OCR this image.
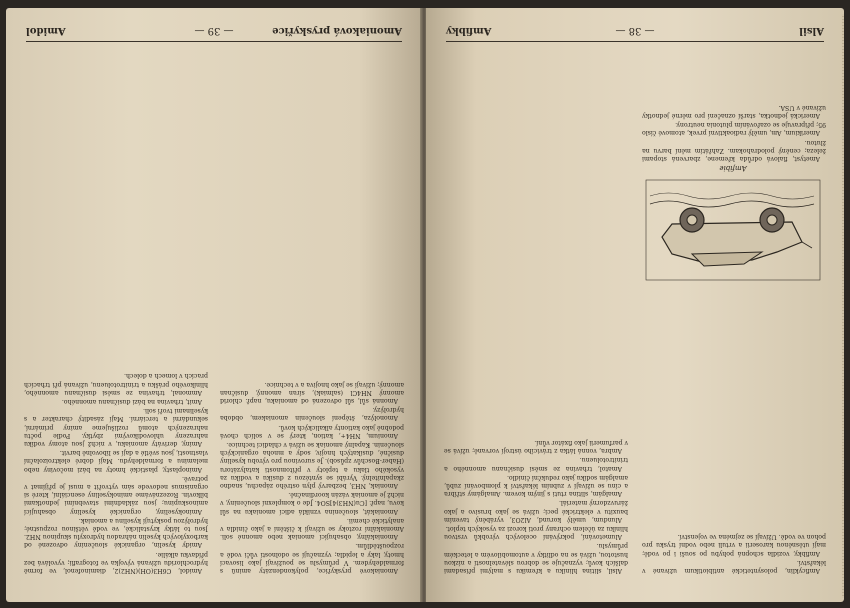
Amoniaková pryskyřice
— 39 —
Amidol

Amoniakové pryskyřice, polykondenzáty aminů s formaldehydem. V průmyslu se používají jako lisovací hmoty, laky a lepidla; vyznačují se odolností vůči vodě a rozpouštědlům.

Amoniakálny, obsahující amoniak nebo amonné soli. Amoniakální roztoky se užívají k čištění a jako činidla v analytické chemii.

Amoniakát, sloučenina vzniklá adicí amoniaku na sůl kovu, např. [Cu(NH3)4]SO4. Jde o komplexní sloučeniny, v nichž je amoniak vázán koordinačně.

Amoniak, NH3, bezbarvý plyn ostrého zápachu, snadno zkapalnitelný. Vyrábí se syntézou z dusíku a vodíku za vysokého tlaku a teploty v přítomnosti katalyzátoru (Haber-Boschův způsob). Je surovinou pro výrobu kyseliny dusičné, dusíkatých hnojiv, sody a mnoha organických sloučenin. Kapalný amoniak se užívá v chladicí technice.

Amonium, NH4+, kation, který se v solích chová podobně jako kationty alkalických kovů.

Amonolýza, štěpení sloučenin amoniakem, obdoba hydrolýzy.

Amonná sůl, sůl odvozená od amoniaku, např. chlorid amonný NH4Cl (salmiak), síran amonný, dusičnan amonný; užívají se jako hnojiva a v technice.

Amidol, C6H3(OH)(NH2)2, diaminofenol, ve formě hydrochloridu užívaná vývojka ve fotografii; vyvolává bez přídavku alkálie.

Amidy kyselin, organické sloučeniny odvozené od karboxylových kyselin náhradou hydroxylu skupinou NH2. Jsou to látky krystalické, ve vodě většinou rozpustné; hydrolýzou poskytují kyselinu a amoniak.

Aminokyseliny, organické kyseliny obsahující aminoskupinu; jsou základními stavebními jednotkami bílkovin. Rozeznáváme aminokyseliny esenciální, které si organismus nedovede sám vytvořit a musí je přijímat v potravě.

Aminoplasty, plastické hmoty na bázi močoviny nebo melaminu a formaldehydu. Mají dobré elektroizolační vlastnosti, jsou světlé a dají se libovolně barvit.

Aminy, deriváty amoniaku, v nichž jsou atomy vodíku nahrazeny uhlovodíkovými zbytky. Podle počtu nahrazených atomů rozlišujeme aminy primární, sekundární a terciární. Mají zásaditý charakter a s kyselinami tvoří soli.

Amit, trhavina na bázi dusičnanu amonného.

Ammonal, trhavina ze směsi dusičnanu amonného, hliníkového prášku a trinitrotoluenu, užívaná při trhacích pracích v lomech a dolech.

Alsil
— 38 —
Amfibky

Amficyklin, polosyntetické antibiotikum užívané v lékařství.

Amfibky, vozidla schopná pohybu po souši i po vodě; mají utěsněnou karoserii a vrtuli nebo vodní trysku pro pohon ve vodě. Užívají se zejména ve vojenství.

Amfibie

Ametyst, fialová odrůda křemene, zbarvená stopami železa; ceněný polodrahokam. Zahřátím mění barvu na žlutou.

Amerikium, Am, umělý radioaktivní prvek, atomové číslo 95; připravuje se ozařováním plutonia neutrony.

Americká jednotka, starší označení pro měrné jednotky užívané v USA.

Alsil, slitina hliníku a křemíku s malými přísadami dalších kovů; vyznačuje se dobrou slévatelností a nízkou hustotou, užívá se na odlitky v automobilovém a leteckém průmyslu.

Alumetování, pokrývání ocelových výrobků vrstvou hliníku za účelem ochrany proti korozi za vysokých teplot.

Alundum, umělý korund, Al2O3, vyráběný tavením bauxitu v elektrické peci; užívá se jako brusivo a jako žáruvzdorný materiál.

Amalgám, slitina rtuti s jiným kovem. Amalgámy stříbra a cínu se užívají v zubním lékařství k plombování zubů, amalgám sodíku jako redukční činidlo.

Amatol, trhavina ze směsi dusičnanu amonného a trinitrotoluenu.

Ambra, vonná látka z trávicího ústrojí vorvaně; užívá se v parfumerii jako fixátor vůní.
